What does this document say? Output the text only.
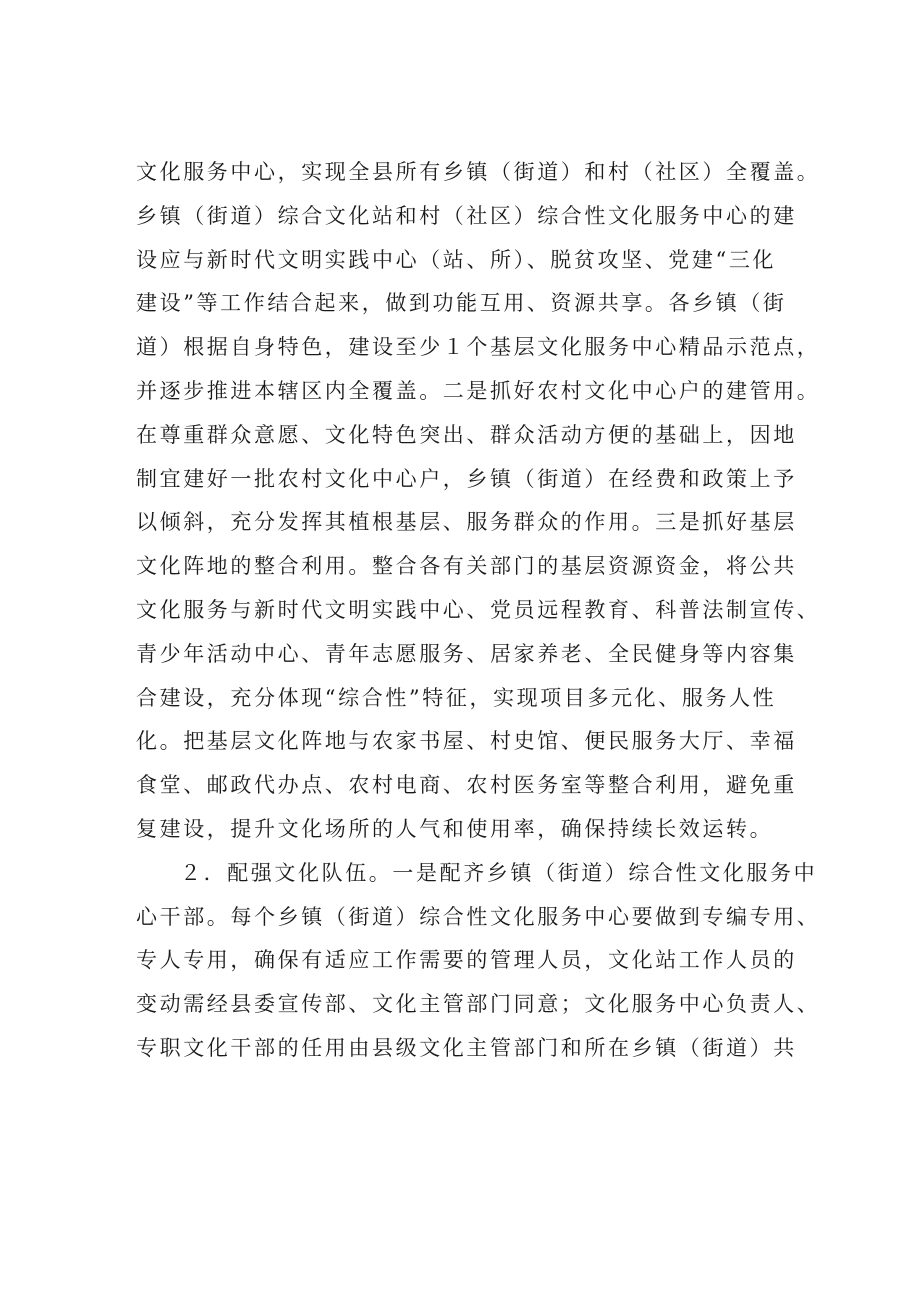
文化服务中心，实现全县所有乡镇（街道）和村（社区）全覆盖。
乡镇（街道）综合文化站和村（社区）综合性文化服务中心的建
设应与新时代文明实践中心（站、所）、脱贫攻坚、党建“三化
建设”等工作结合起来，做到功能互用、资源共享。各乡镇（街
道）根据自身特色，建设至少１个基层文化服务中心精品示范点，
并逐步推进本辖区内全覆盖。二是抓好农村文化中心户的建管用。
在尊重群众意愿、文化特色突出、群众活动方便的基础上，因地
制宜建好一批农村文化中心户，乡镇（街道）在经费和政策上予
以倾斜，充分发挥其植根基层、服务群众的作用。三是抓好基层
文化阵地的整合利用。整合各有关部门的基层资源资金，将公共
文化服务与新时代文明实践中心、党员远程教育、科普法制宣传、
青少年活动中心、青年志愿服务、居家养老、全民健身等内容集
合建设，充分体现“综合性”特征，实现项目多元化、服务人性
化。把基层文化阵地与农家书屋、村史馆、便民服务大厅、幸福
食堂、邮政代办点、农村电商、农村医务室等整合利用，避免重
复建设，提升文化场所的人气和使用率，确保持续长效运转。
２．配强文化队伍。一是配齐乡镇（街道）综合性文化服务中
心干部。每个乡镇（街道）综合性文化服务中心要做到专编专用、
专人专用，确保有适应工作需要的管理人员，文化站工作人员的
变动需经县委宣传部、文化主管部门同意；文化服务中心负责人、
专职文化干部的任用由县级文化主管部门和所在乡镇（街道）共
